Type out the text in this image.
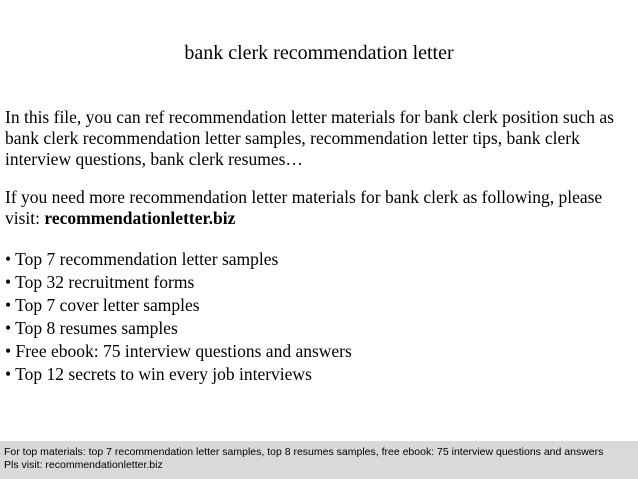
bank clerk recommendation letter
In this file, you can ref recommendation letter materials for bank clerk position such as bank clerk recommendation letter samples, recommendation letter tips, bank clerk interview questions, bank clerk resumes…
If you need more recommendation letter materials for bank clerk as following, please visit: recommendationletter.biz
• Top 7 recommendation letter samples
• Top 32 recruitment forms
• Top 7 cover letter samples
• Top 8 resumes samples
• Free ebook: 75 interview questions and answers
• Top 12 secrets to win every job interviews
For top materials: top 7 recommendation letter samples, top 8 resumes samples, free ebook: 75 interview questions and answers
Pls visit: recommendationletter.biz
